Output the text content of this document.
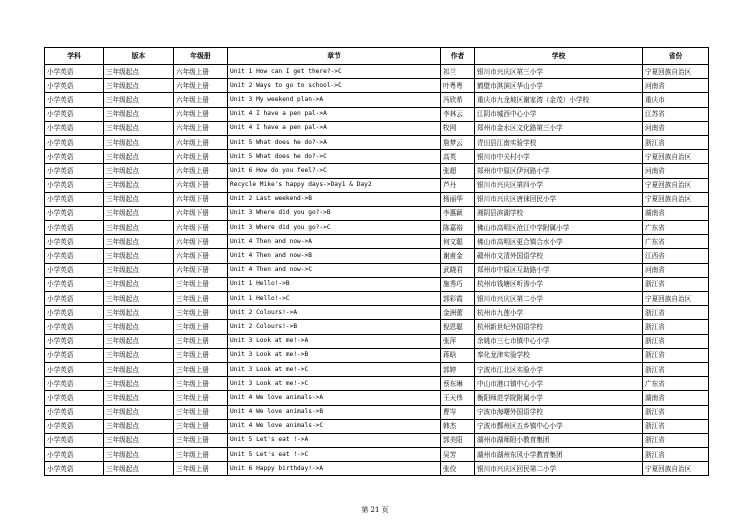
学科	版本	年级册	章节	作者	学校	省份
小学英语	三年级起点	六年级上册	Unit 1 How can I get there?->C	祁兰	银川市兴庆区第三小学	宁夏回族自治区
小学英语	三年级起点	六年级上册	Unit 2 Ways to go to school->C	叶粤粤	鹤壁市淇滨区华山小学	河南省
小学英语	三年级起点	六年级上册	Unit 3 My weekend plan->A	冯欣希	重庆市九龙坡区谢家湾（金茂）小学校	重庆市
小学英语	三年级起点	六年级上册	Unit 4 I have a pen pal->A	李林云	江阴市城西中心小学	江苏省
小学英语	三年级起点	六年级上册	Unit 4 I have a pen pal->A	牧网	郑州市金水区文化路第三小学	河南省
小学英语	三年级起点	六年级上册	Unit 5 What does he do?->A	詹梦云	青田县江南实验学校	浙江省
小学英语	三年级起点	六年级上册	Unit 5 What does he do?->C	高英	银川市中关村小学	宁夏回族自治区
小学英语	三年级起点	六年级上册	Unit 6 How do you feel?->C	张超	郑州市中原区伊河路小学	河南省
小学英语	三年级起点	六年级下册	Recycle Mike's happy days->Day1 & Day2	芦丹	银川市兴庆区第四小学	宁夏回族自治区
小学英语	三年级起点	六年级下册	Unit 2 Last weekend->B	杨丽华	银川市兴庆区唐徕回民小学	宁夏回族自治区
小学英语	三年级起点	六年级下册	Unit 3 Where did you go?->B	李惠颖	湘阴县滨湖学校	湖南省
小学英语	三年级起点	六年级下册	Unit 3 Where did you go?->C	陈嘉裕	佛山市高明区沧江中学附属小学	广东省
小学英语	三年级起点	六年级下册	Unit 4 Then and now->A	何文聪	佛山市高明区更合镇合水小学	广东省
小学英语	三年级起点	六年级下册	Unit 4 Then and now->B	谢甫金	赣州市文清外国语学校	江西省
小学英语	三年级起点	六年级下册	Unit 4 Then and now->C	武晓君	郑州市中原区互助路小学	河南省
小学英语	三年级起点	三年级上册	Unit 1 Hello!->B	施秀巧	杭州市钱塘区听涛小学	浙江省
小学英语	三年级起点	三年级上册	Unit 1 Hello!->C	郭彩霞	银川市兴庆区第二小学	宁夏回族自治区
小学英语	三年级起点	三年级上册	Unit 2 Colours!->A	金洲蕾	杭州市九莲小学	浙江省
小学英语	三年级起点	三年级上册	Unit 2 Colours!->B	倪恩聪	杭州新世纪外国语学校	浙江省
小学英语	三年级起点	三年级上册	Unit 3 Look at me!->A	张萍	余姚市三七市镇中心小学	浙江省
小学英语	三年级起点	三年级上册	Unit 3 Look at me!->B	蒋晗	奉化龙津实验学校	浙江省
小学英语	三年级起点	三年级上册	Unit 3 Look at me!->C	郭婷	宁波市江北区实验小学	浙江省
小学英语	三年级起点	三年级上册	Unit 3 Look at me!->C	蔡东琳	中山市港口镇中心小学	广东省
小学英语	三年级起点	三年级上册	Unit 4 We love animals->A	王天伟	衡阳师范学院附属小学	湖南省
小学英语	三年级起点	三年级上册	Unit 4 We love animals->B	曹岑	宁波市海曙外国语学校	浙江省
小学英语	三年级起点	三年级上册	Unit 4 We love animals->C	韩杰	宁波市鄞州区五乡镇中心小学	浙江省
小学英语	三年级起点	三年级上册	Unit 5 Let's eat !->A	郭美阳	湖州市湖师附小教育集团	浙江省
小学英语	三年级起点	三年级上册	Unit 5 Let's eat !->C	吴芳	湖州市湖州东风小学教育集团	浙江省
小学英语	三年级起点	三年级上册	Unit 6 Happy birthday!->A	张佼	银川市兴庆区回民第二小学	宁夏回族自治区
第 21 页
